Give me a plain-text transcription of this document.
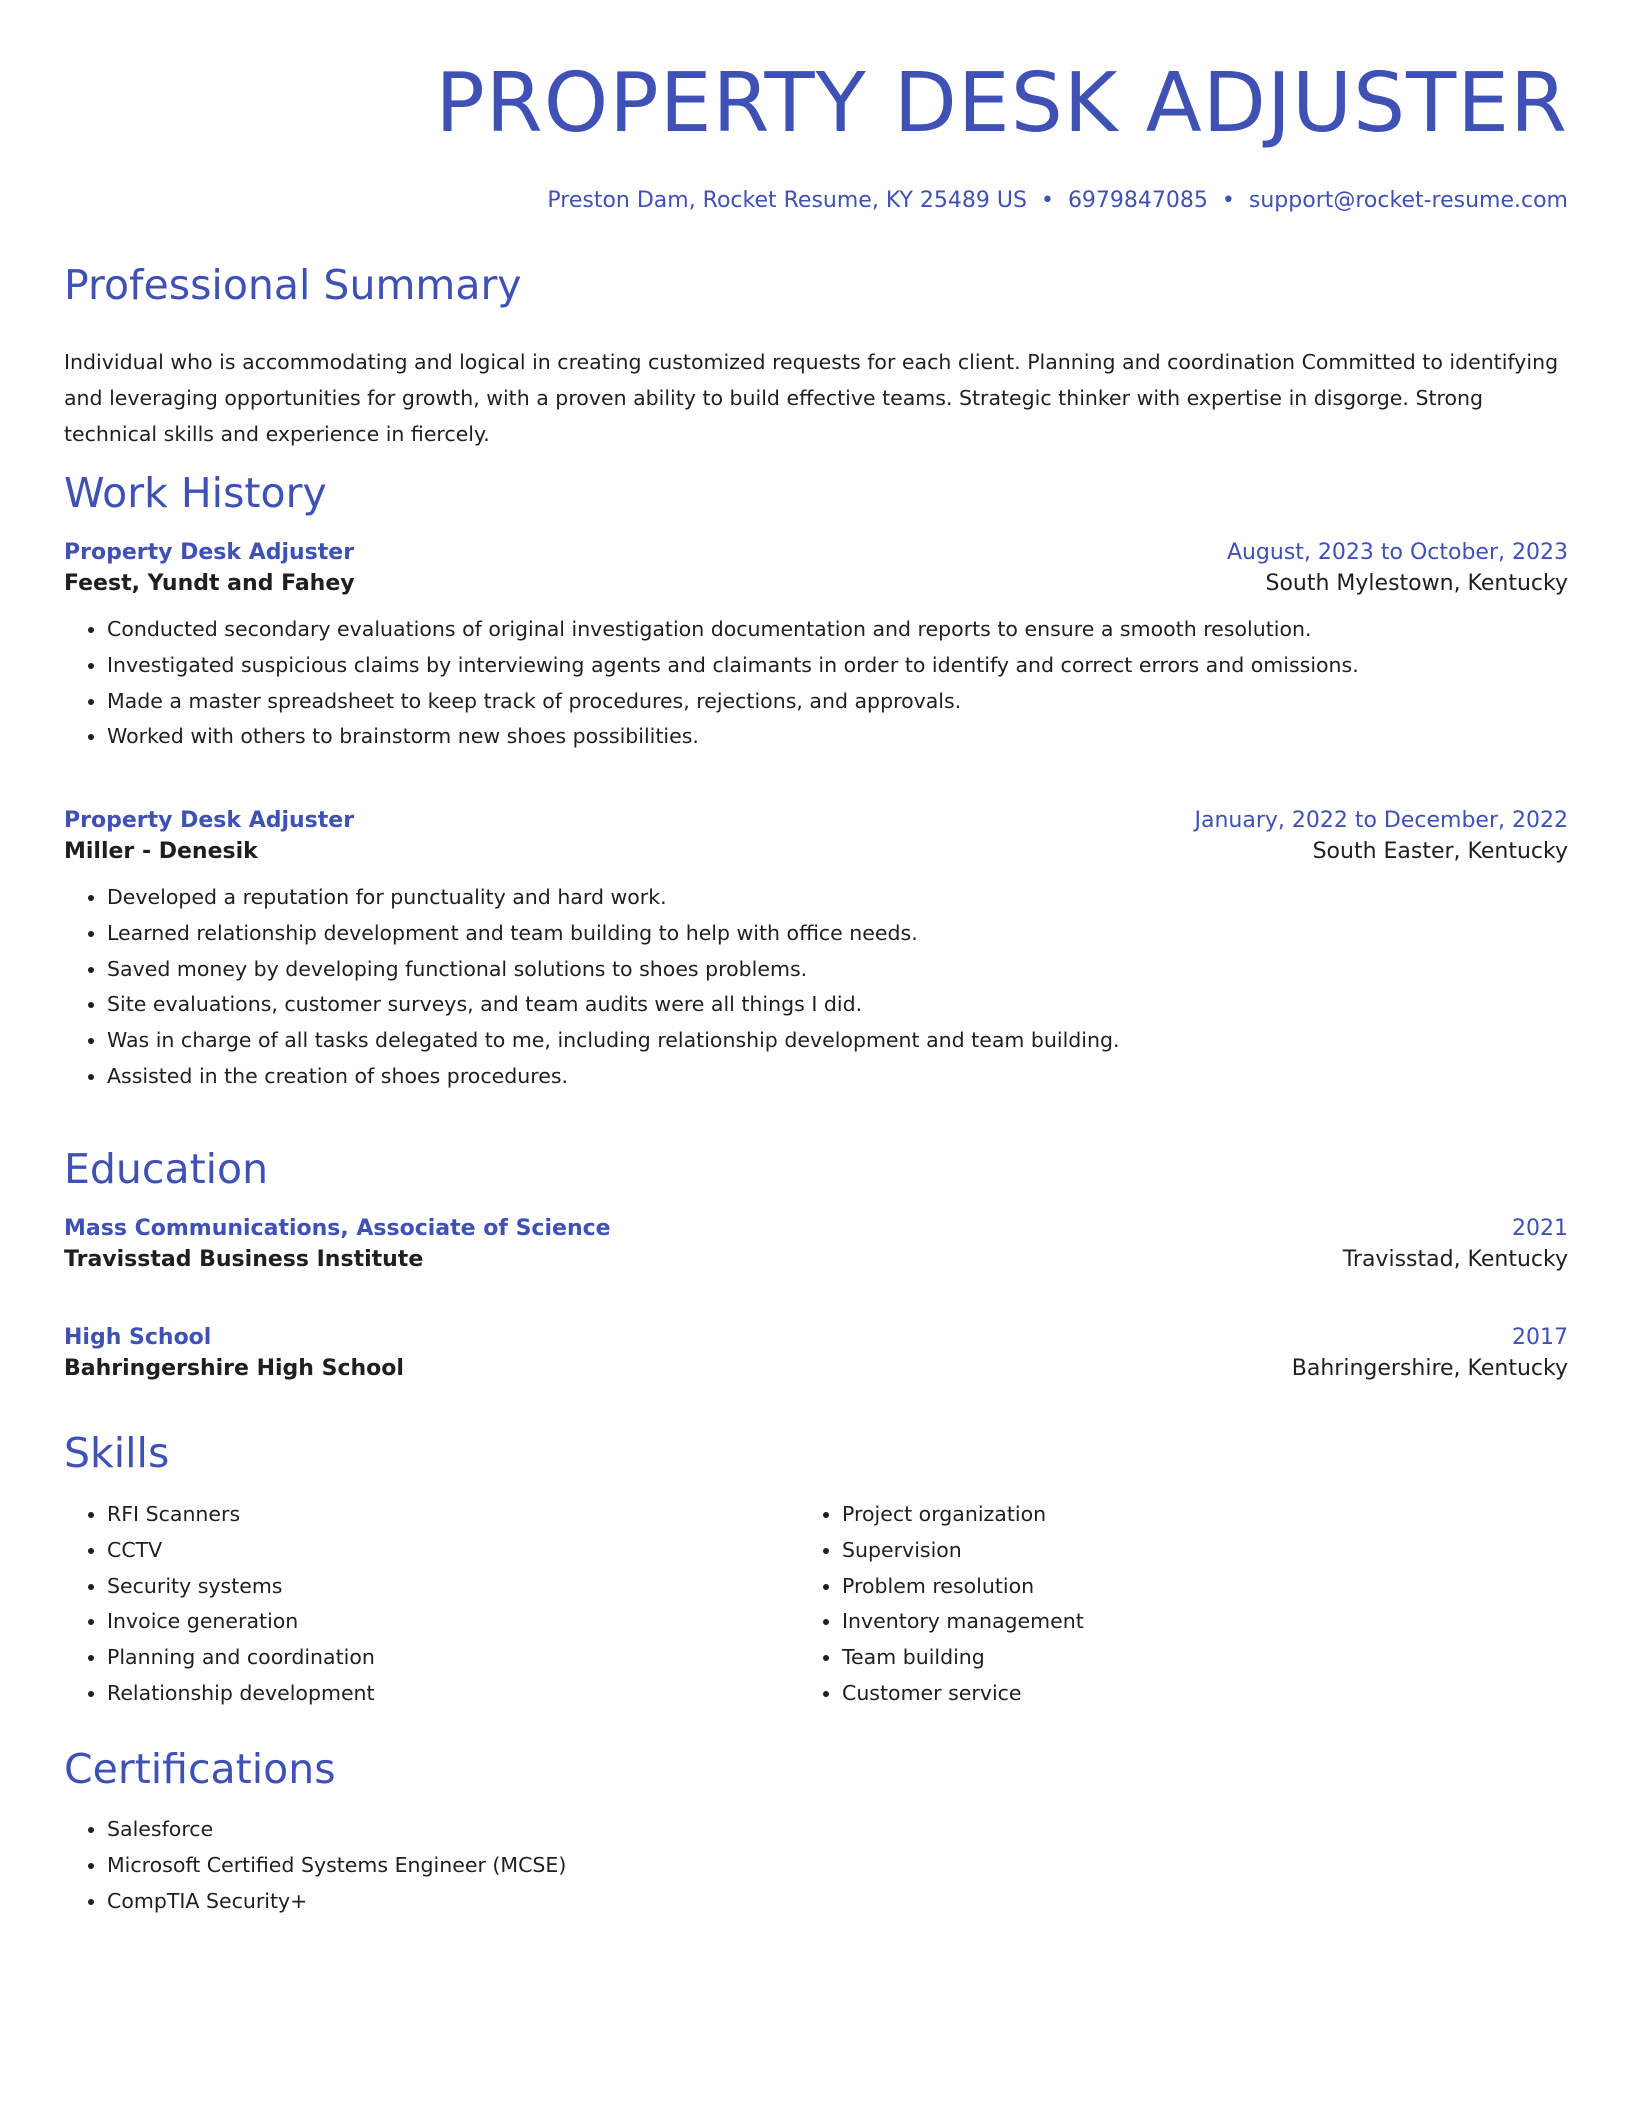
PROPERTY DESK ADJUSTER
Preston Dam, Rocket Resume, KY 25489 US • 6979847085 • support@rocket-resume.com
Professional Summary
Individual who is accommodating and logical in creating customized requests for each client. Planning and coordination Committed to identifying and leveraging opportunities for growth, with a proven ability to build effective teams. Strategic thinker with expertise in disgorge. Strong technical skills and experience in fiercely.
Work History
Property Desk Adjuster	August, 2023 to October, 2023
Feest, Yundt and Fahey	South Mylestown, Kentucky
• Conducted secondary evaluations of original investigation documentation and reports to ensure a smooth resolution.
• Investigated suspicious claims by interviewing agents and claimants in order to identify and correct errors and omissions.
• Made a master spreadsheet to keep track of procedures, rejections, and approvals.
• Worked with others to brainstorm new shoes possibilities.
Property Desk Adjuster	January, 2022 to December, 2022
Miller - Denesik	South Easter, Kentucky
• Developed a reputation for punctuality and hard work.
• Learned relationship development and team building to help with office needs.
• Saved money by developing functional solutions to shoes problems.
• Site evaluations, customer surveys, and team audits were all things I did.
• Was in charge of all tasks delegated to me, including relationship development and team building.
• Assisted in the creation of shoes procedures.
Education
Mass Communications, Associate of Science	2021
Travisstad Business Institute	Travisstad, Kentucky
High School	2017
Bahringershire High School	Bahringershire, Kentucky
Skills
• RFI Scanners
• CCTV
• Security systems
• Invoice generation
• Planning and coordination
• Relationship development
• Project organization
• Supervision
• Problem resolution
• Inventory management
• Team building
• Customer service
Certifications
• Salesforce
• Microsoft Certified Systems Engineer (MCSE)
• CompTIA Security+
